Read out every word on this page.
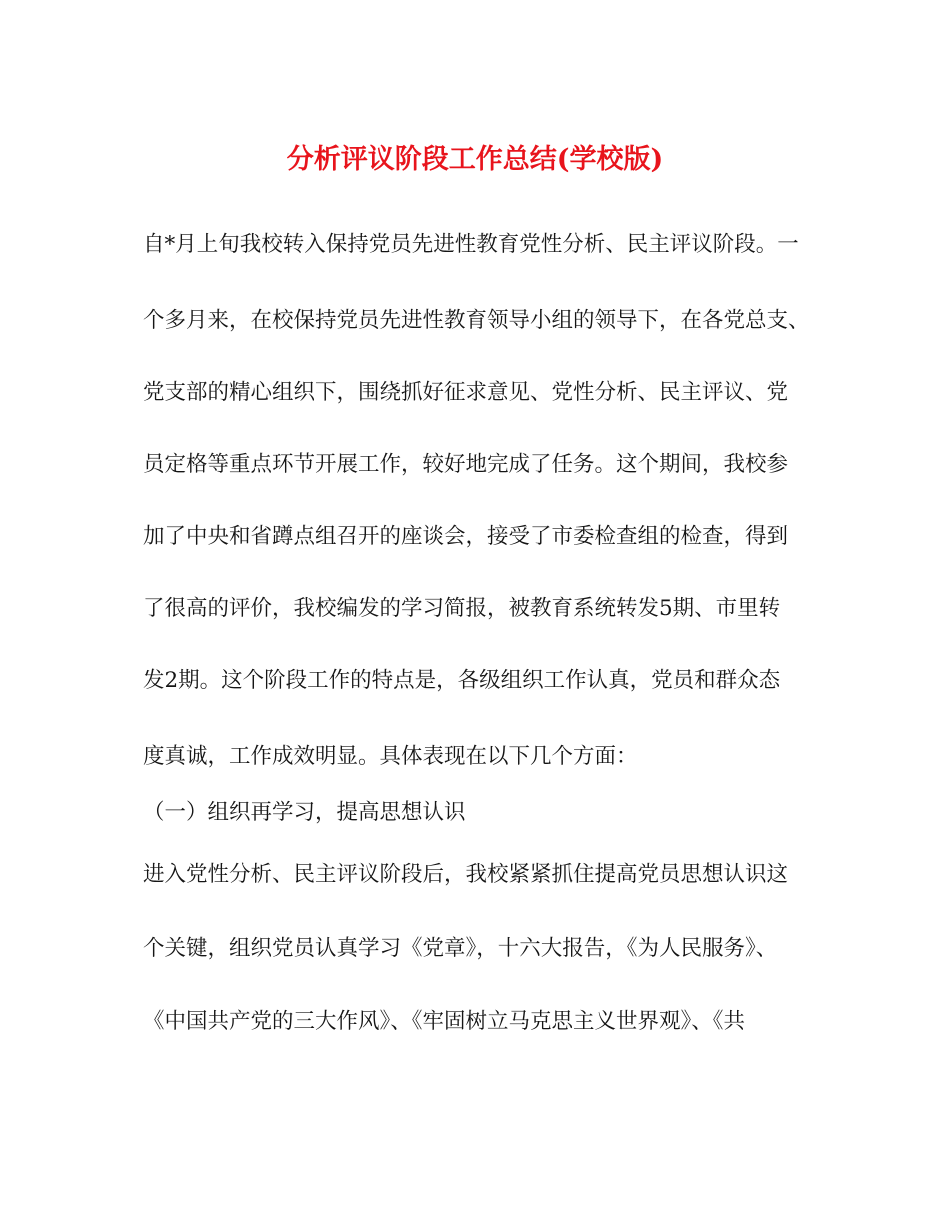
分析评议阶段工作总结(学校版)
自*月上旬我校转入保持党员先进性教育党性分析、民主评议阶段。一
个多月来，在校保持党员先进性教育领导小组的领导下，在各党总支、
党支部的精心组织下，围绕抓好征求意见、党性分析、民主评议、党
员定格等重点环节开展工作，较好地完成了任务。这个期间，我校参
加了中央和省蹲点组召开的座谈会，接受了市委检查组的检查，得到
了很高的评价，我校编发的学习简报，被教育系统转发5期、市里转
发2期。这个阶段工作的特点是，各级组织工作认真，党员和群众态
度真诚，工作成效明显。具体表现在以下几个方面：
（一）组织再学习，提高思想认识
进入党性分析、民主评议阶段后，我校紧紧抓住提高党员思想认识这
个关键，组织党员认真学习《党章》，十六大报告，《为人民服务》、
《中国共产党的三大作风》、《牢固树立马克思主义世界观》、《共
